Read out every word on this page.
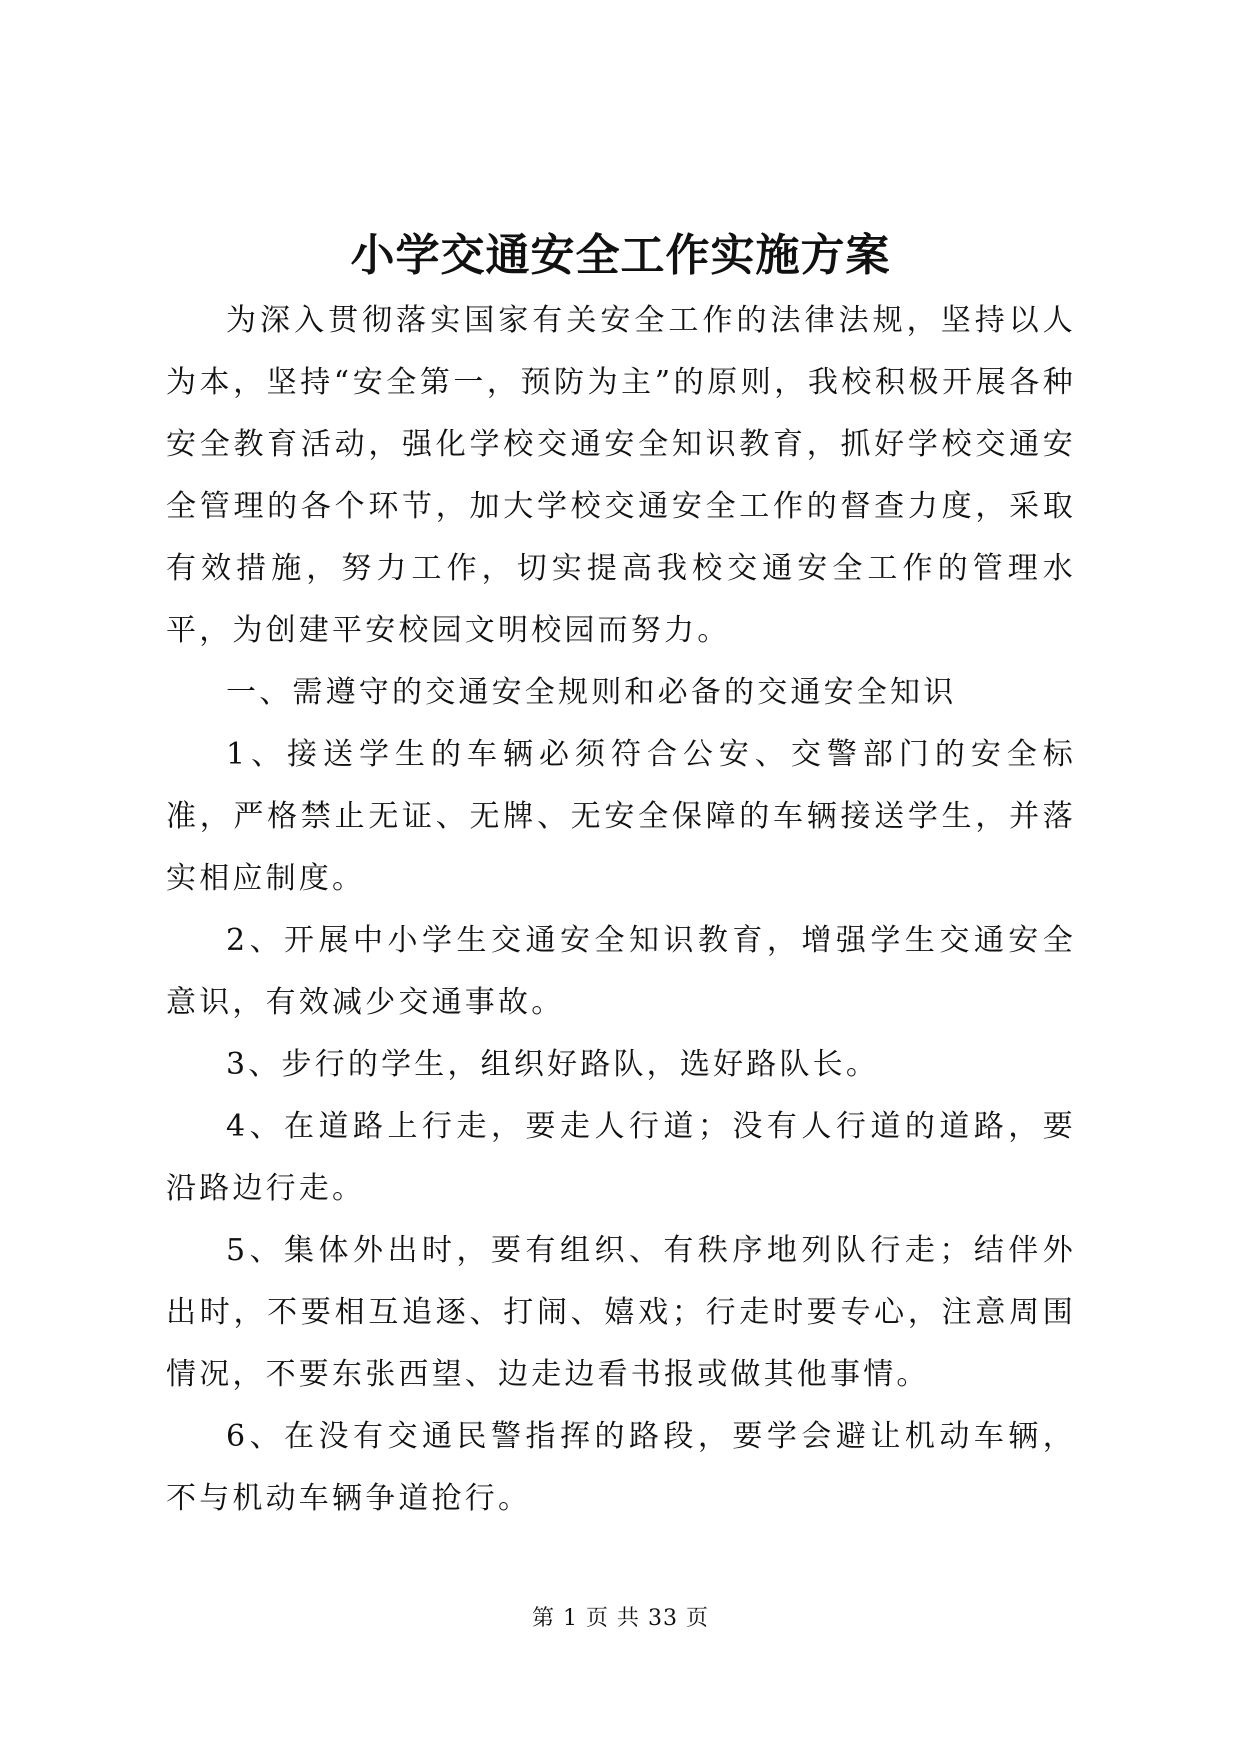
小学交通安全工作实施方案

为深入贯彻落实国家有关安全工作的法律法规，坚持以人为本，坚持“安全第一，预防为主”的原则，我校积极开展各种安全教育活动，强化学校交通安全知识教育，抓好学校交通安全管理的各个环节，加大学校交通安全工作的督查力度，采取有效措施，努力工作，切实提高我校交通安全工作的管理水平，为创建平安校园文明校园而努力。

一、需遵守的交通安全规则和必备的交通安全知识

1、接送学生的车辆必须符合公安、交警部门的安全标准，严格禁止无证、无牌、无安全保障的车辆接送学生，并落实相应制度。

2、开展中小学生交通安全知识教育，增强学生交通安全意识，有效减少交通事故。

3、步行的学生，组织好路队，选好路队长。

4、在道路上行走，要走人行道；没有人行道的道路，要沿路边行走。

5、集体外出时，要有组织、有秩序地列队行走；结伴外出时，不要相互追逐、打闹、嬉戏；行走时要专心，注意周围情况，不要东张西望、边走边看书报或做其他事情。

6、在没有交通民警指挥的路段，要学会避让机动车辆，不与机动车辆争道抢行。

第 1 页 共 33 页
